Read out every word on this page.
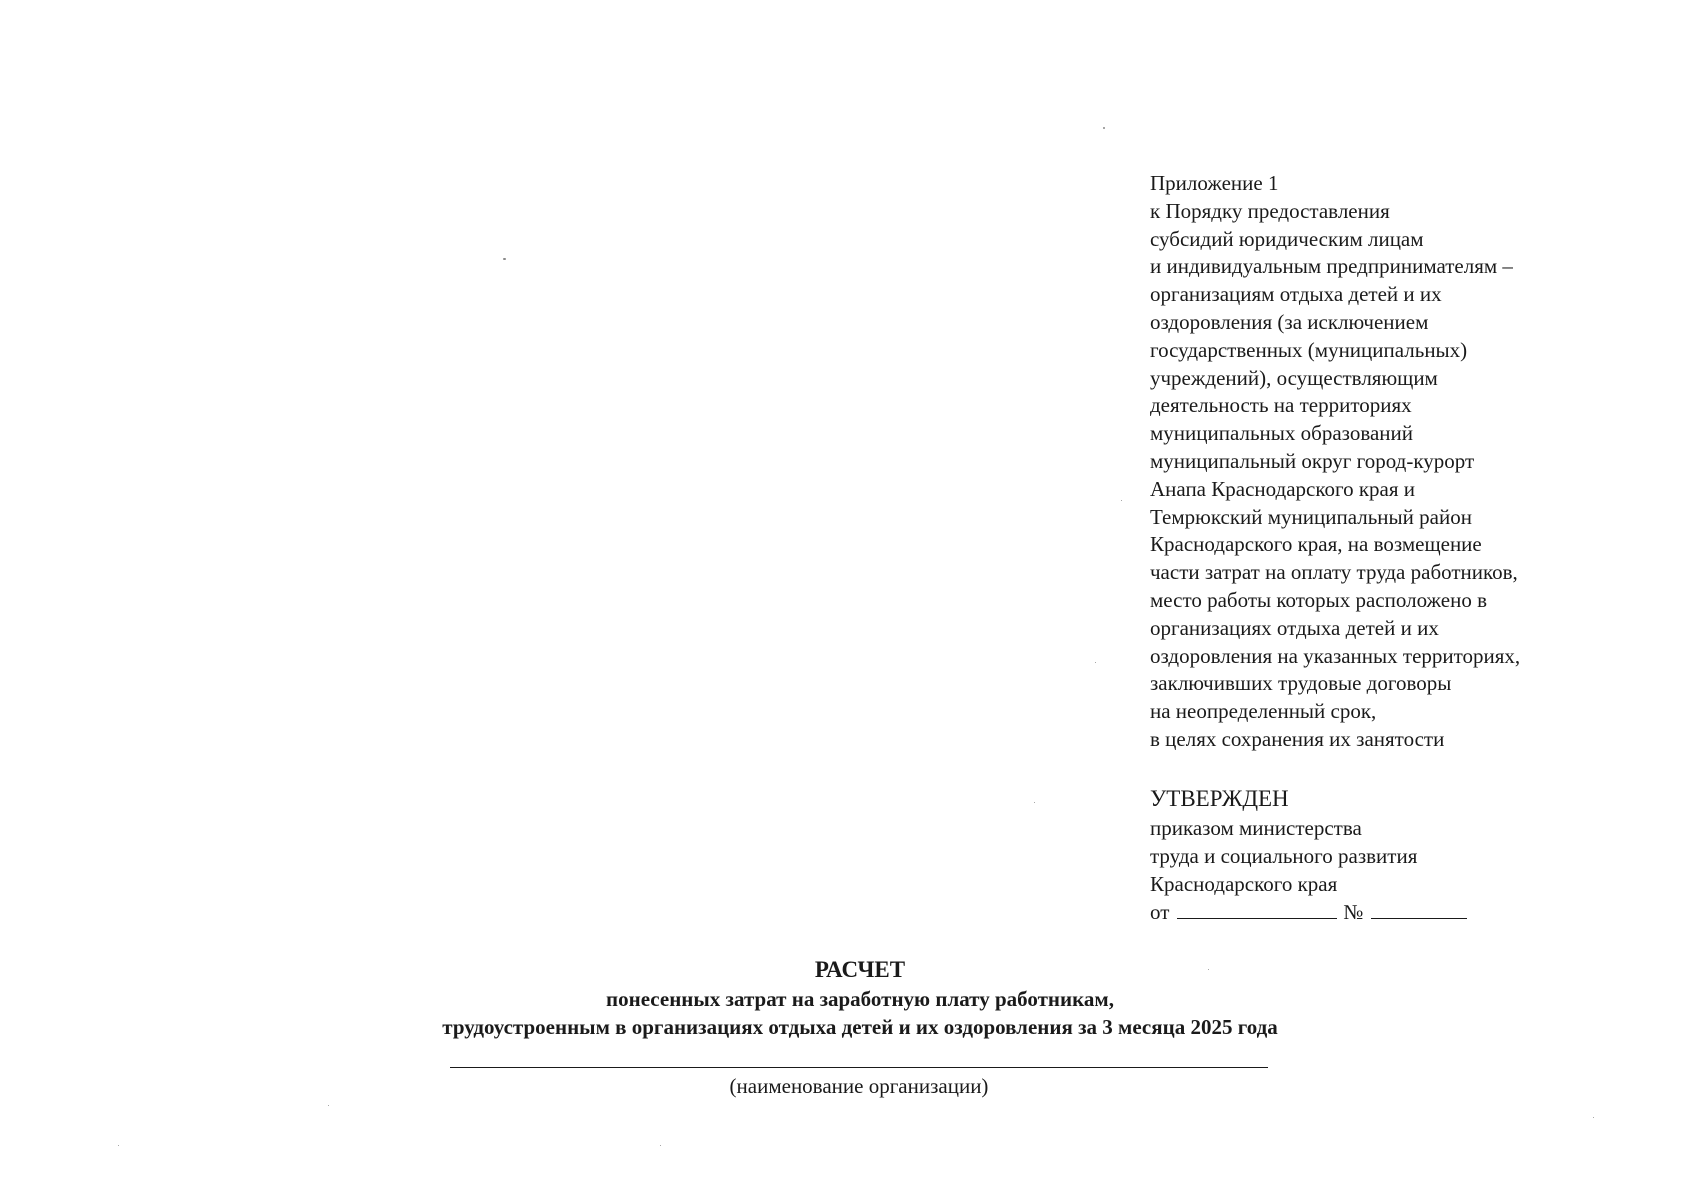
Приложение 1
к Порядку предоставления
субсидий юридическим лицам
и индивидуальным предпринимателям –
организациям отдыха детей и их
оздоровления (за исключением
государственных (муниципальных)
учреждений), осуществляющим
деятельность на территориях
муниципальных образований
муниципальный округ город-курорт
Анапа Краснодарского края и
Темрюкский муниципальный район
Краснодарского края, на возмещение
части затрат на оплату труда работников,
место работы которых расположено в
организациях отдыха детей и их
оздоровления на указанных территориях,
заключивших трудовые договоры
на неопределенный срок,
в целях сохранения их занятости
УТВЕРЖДЕН
приказом министерства
труда и социального развития
Краснодарского края
от	№
РАСЧЕТ
понесенных затрат на заработную плату работникам,
трудоустроенным в организациях отдыха детей и их оздоровления за 3 месяца 2025 года
(наименование организации)
